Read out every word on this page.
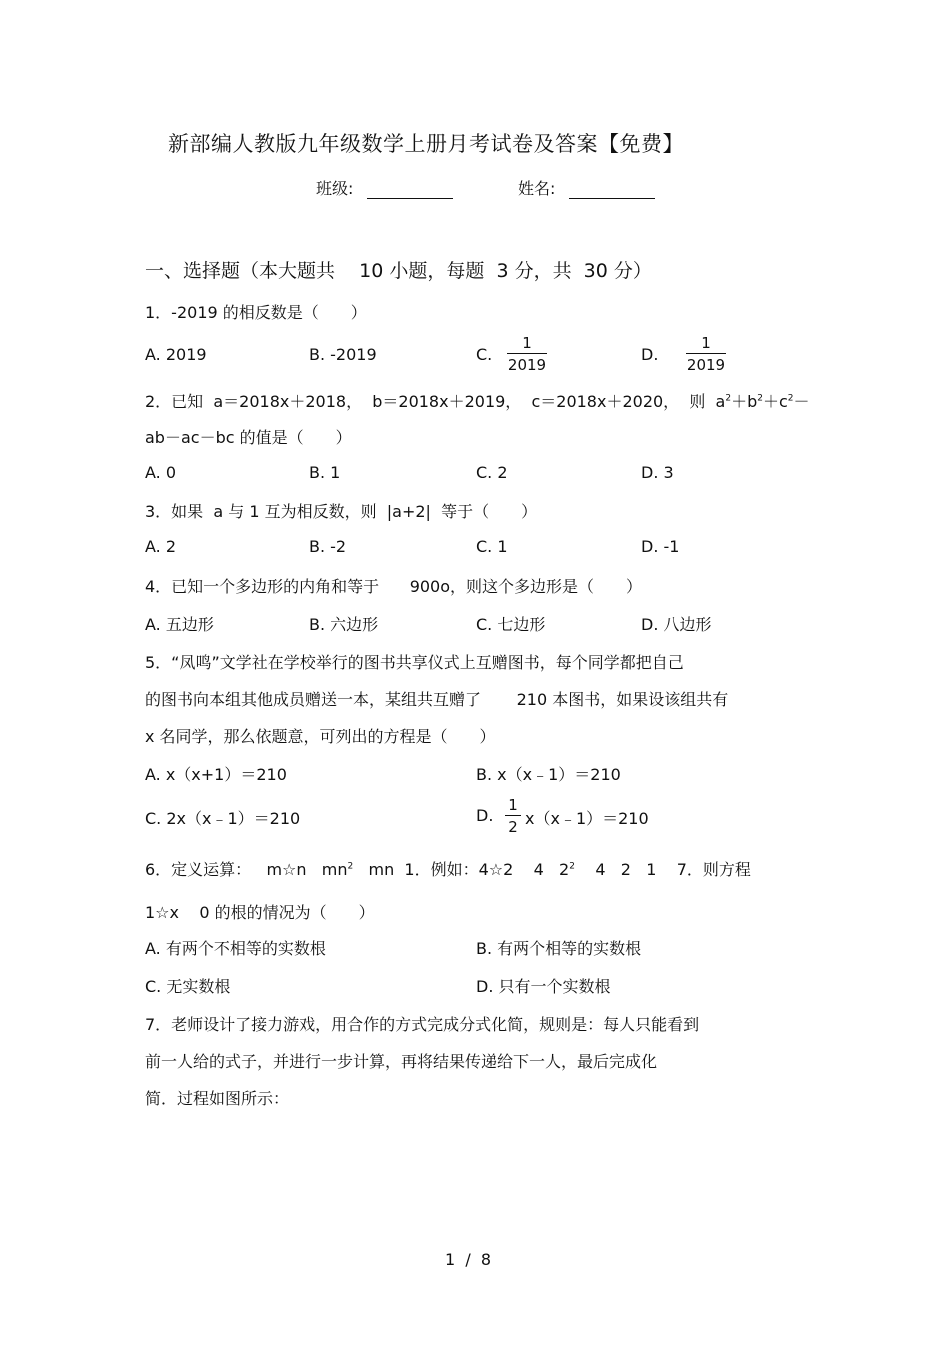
新部编人教版九年级数学上册月考试卷及答案【免费】
班级:	姓名:
一、选择题（本大题共    10 小题，每题  3 分，共  30 分）
1．-2019 的相反数是（　　）
A. 2019	B. -2019	C.
1
2019
D.
1
2019
2．已知  a＝2018x＋2018，  b＝2018x＋2019，  c＝2018x＋2020，  则  $a^2+b^2+c^2-$
ab－ac－bc 的值是（　　）
A. 0	B. 1	C. 2	D. 3
3．如果  a 与 1 互为相反数，则  |a+2|  等于（　　）
A. 2	B. -2	C. 1	D. -1
4．已知一个多边形的内角和等于      900o，则这个多边形是（　　）
A. 五边形	B. 六边形	C. 七边形	D. 八边形
5．“凤鸣”文学社在学校举行的图书共享仪式上互赠图书，每个同学都把自己
的图书向本组其他成员赠送一本，某组共互赠了       210 本图书，如果设该组共有
x 名同学，那么依题意，可列出的方程是（　　）
A. x（x+1）＝210	B. x（x﹣1）＝210
C. 2x（x﹣1）＝210	D.
1
2 x（x﹣1）＝210
6．定义运算：   m☆n   $mn^2$   mn  1．例如：4☆2    4   $2^2$    4   2   1    7．则方程
1☆x    0 的根的情况为（　　）
A. 有两个不相等的实数根	B. 有两个相等的实数根
C. 无实数根	D. 只有一个实数根
7．老师设计了接力游戏，用合作的方式完成分式化简，规则是：每人只能看到
前一人给的式子，并进行一步计算，再将结果传递给下一人，最后完成化
简．过程如图所示：
1  /  8
